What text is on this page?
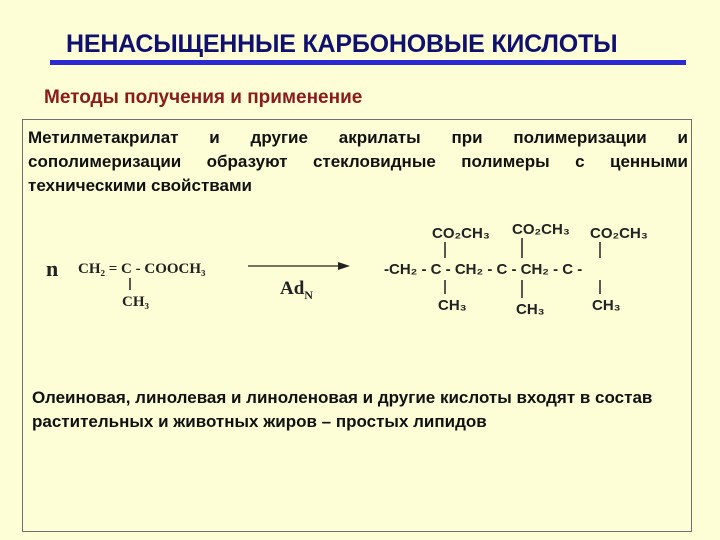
НЕНАСЫЩЕННЫЕ КАРБОНОВЫЕ КИСЛОТЫ
Методы получения и применение
Метилметакрилат и другие акрилаты при полимеризации и сополимеризации образуют стекловидные полимеры с ценными техническими свойствами
n CH₂ = C - COOCH₃
CH₃
$Ad_N$
CO₂CH₃ CO₂CH₃ CO₂CH₃
-CH₂ - C - CH₂ - C - CH₂ - C -
CH₃	CH₃	CH₃
Олеиновая, линолевая и линоленовая и другие кислоты входят в состав растительных и животных жиров – простых липидов
